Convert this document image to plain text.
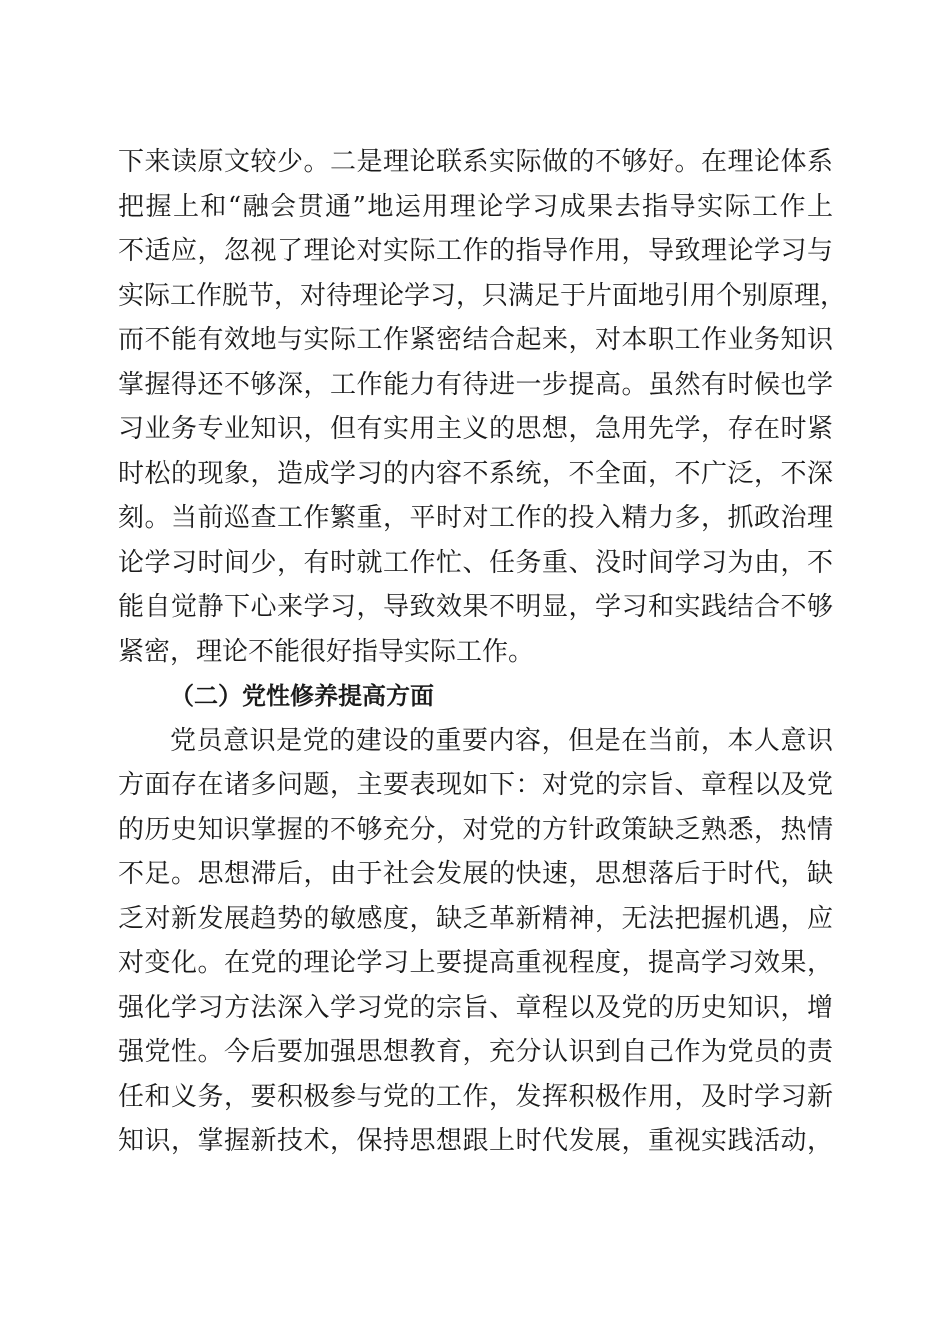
下来读原文较少。二是理论联系实际做的不够好。在理论体系
把握上和“融会贯通”地运用理论学习成果去指导实际工作上
不适应，忽视了理论对实际工作的指导作用，导致理论学习与
实际工作脱节，对待理论学习，只满足于片面地引用个别原理，
而不能有效地与实际工作紧密结合起来，对本职工作业务知识
掌握得还不够深，工作能力有待进一步提高。虽然有时候也学
习业务专业知识，但有实用主义的思想，急用先学，存在时紧
时松的现象，造成学习的内容不系统，不全面，不广泛，不深
刻。当前巡查工作繁重，平时对工作的投入精力多，抓政治理
论学习时间少，有时就工作忙、任务重、没时间学习为由，不
能自觉静下心来学习，导致效果不明显，学习和实践结合不够
紧密，理论不能很好指导实际工作。
（二）党性修养提高方面
党员意识是党的建设的重要内容，但是在当前，本人意识
方面存在诸多问题，主要表现如下：对党的宗旨、章程以及党
的历史知识掌握的不够充分，对党的方针政策缺乏熟悉，热情
不足。思想滞后，由于社会发展的快速，思想落后于时代，缺
乏对新发展趋势的敏感度，缺乏革新精神，无法把握机遇，应
对变化。在党的理论学习上要提高重视程度，提高学习效果，
强化学习方法深入学习党的宗旨、章程以及党的历史知识，增
强党性。今后要加强思想教育，充分认识到自己作为党员的责
任和义务，要积极参与党的工作，发挥积极作用，及时学习新
知识，掌握新技术，保持思想跟上时代发展，重视实践活动，
